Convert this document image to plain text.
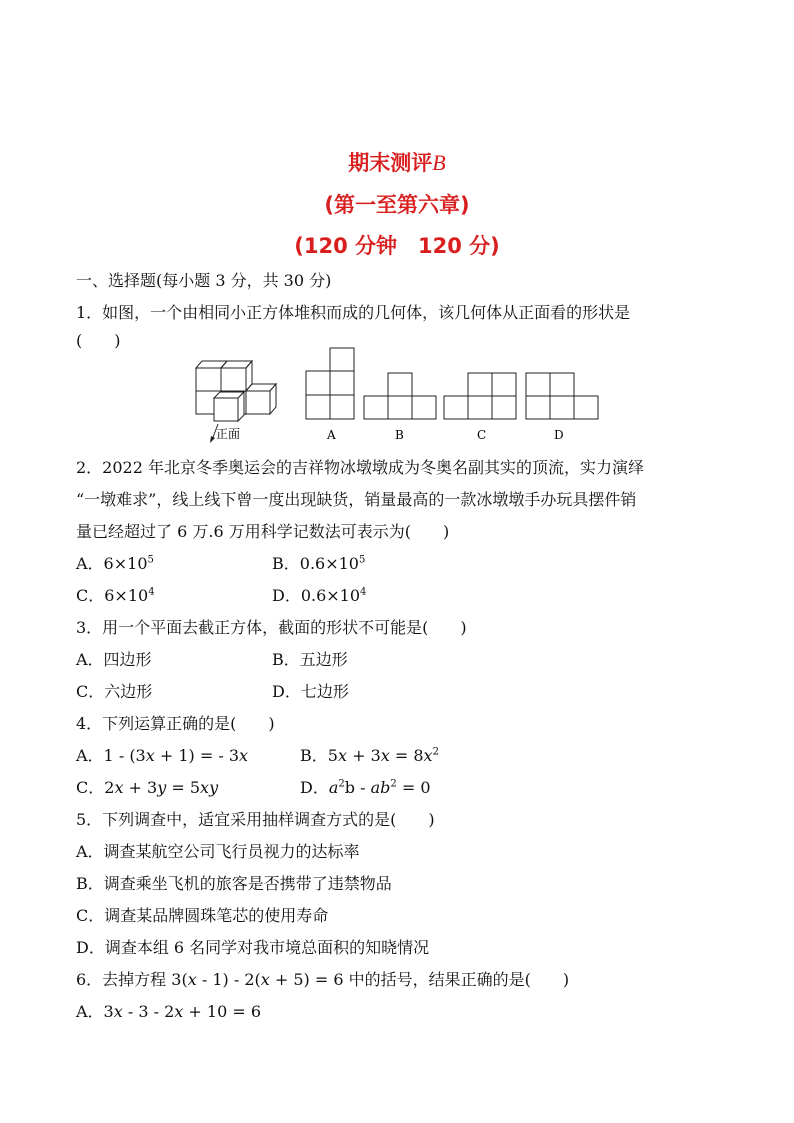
期末测评B
(第一至第六章)
(120 分钟　120 分)
一、选择题(每小题 3 分，共 30 分)
1．如图，一个由相同小正方体堆积而成的几何体，该几何体从正面看的形状是
(　　)
正面	A	B	C	D
2．2022 年北京冬季奥运会的吉祥物冰墩墩成为冬奥名副其实的顶流，实力演绎
“一墩难求”，线上线下曾一度出现缺货，销量最高的一款冰墩墩手办玩具摆件销
量已经超过了 6 万.6 万用科学记数法可表示为(　　)
A．$6\times 10^5$	B．$0.6\times 10^5$
C．$6\times 10^4$	D．$0.6\times 10^4$
3．用一个平面去截正方体，截面的形状不可能是(　　)
A．四边形	B．五边形
C．六边形	D．七边形
4．下列运算正确的是(　　)
A．1 - (3x + 1) = - 3x	B．$5x + 3x = 8x^2$
C．2x + 3y = 5xy	D．$a^2b - ab^2 = 0$
5．下列调查中，适宜采用抽样调查方式的是(　　)
A．调查某航空公司飞行员视力的达标率
B．调查乘坐飞机的旅客是否携带了违禁物品
C．调查某品牌圆珠笔芯的使用寿命
D．调查本组 6 名同学对我市境总面积的知晓情况
6．去掉方程 3(x - 1) - 2(x + 5) = 6 中的括号，结果正确的是(　　)
A．3x - 3 - 2x + 10 = 6
